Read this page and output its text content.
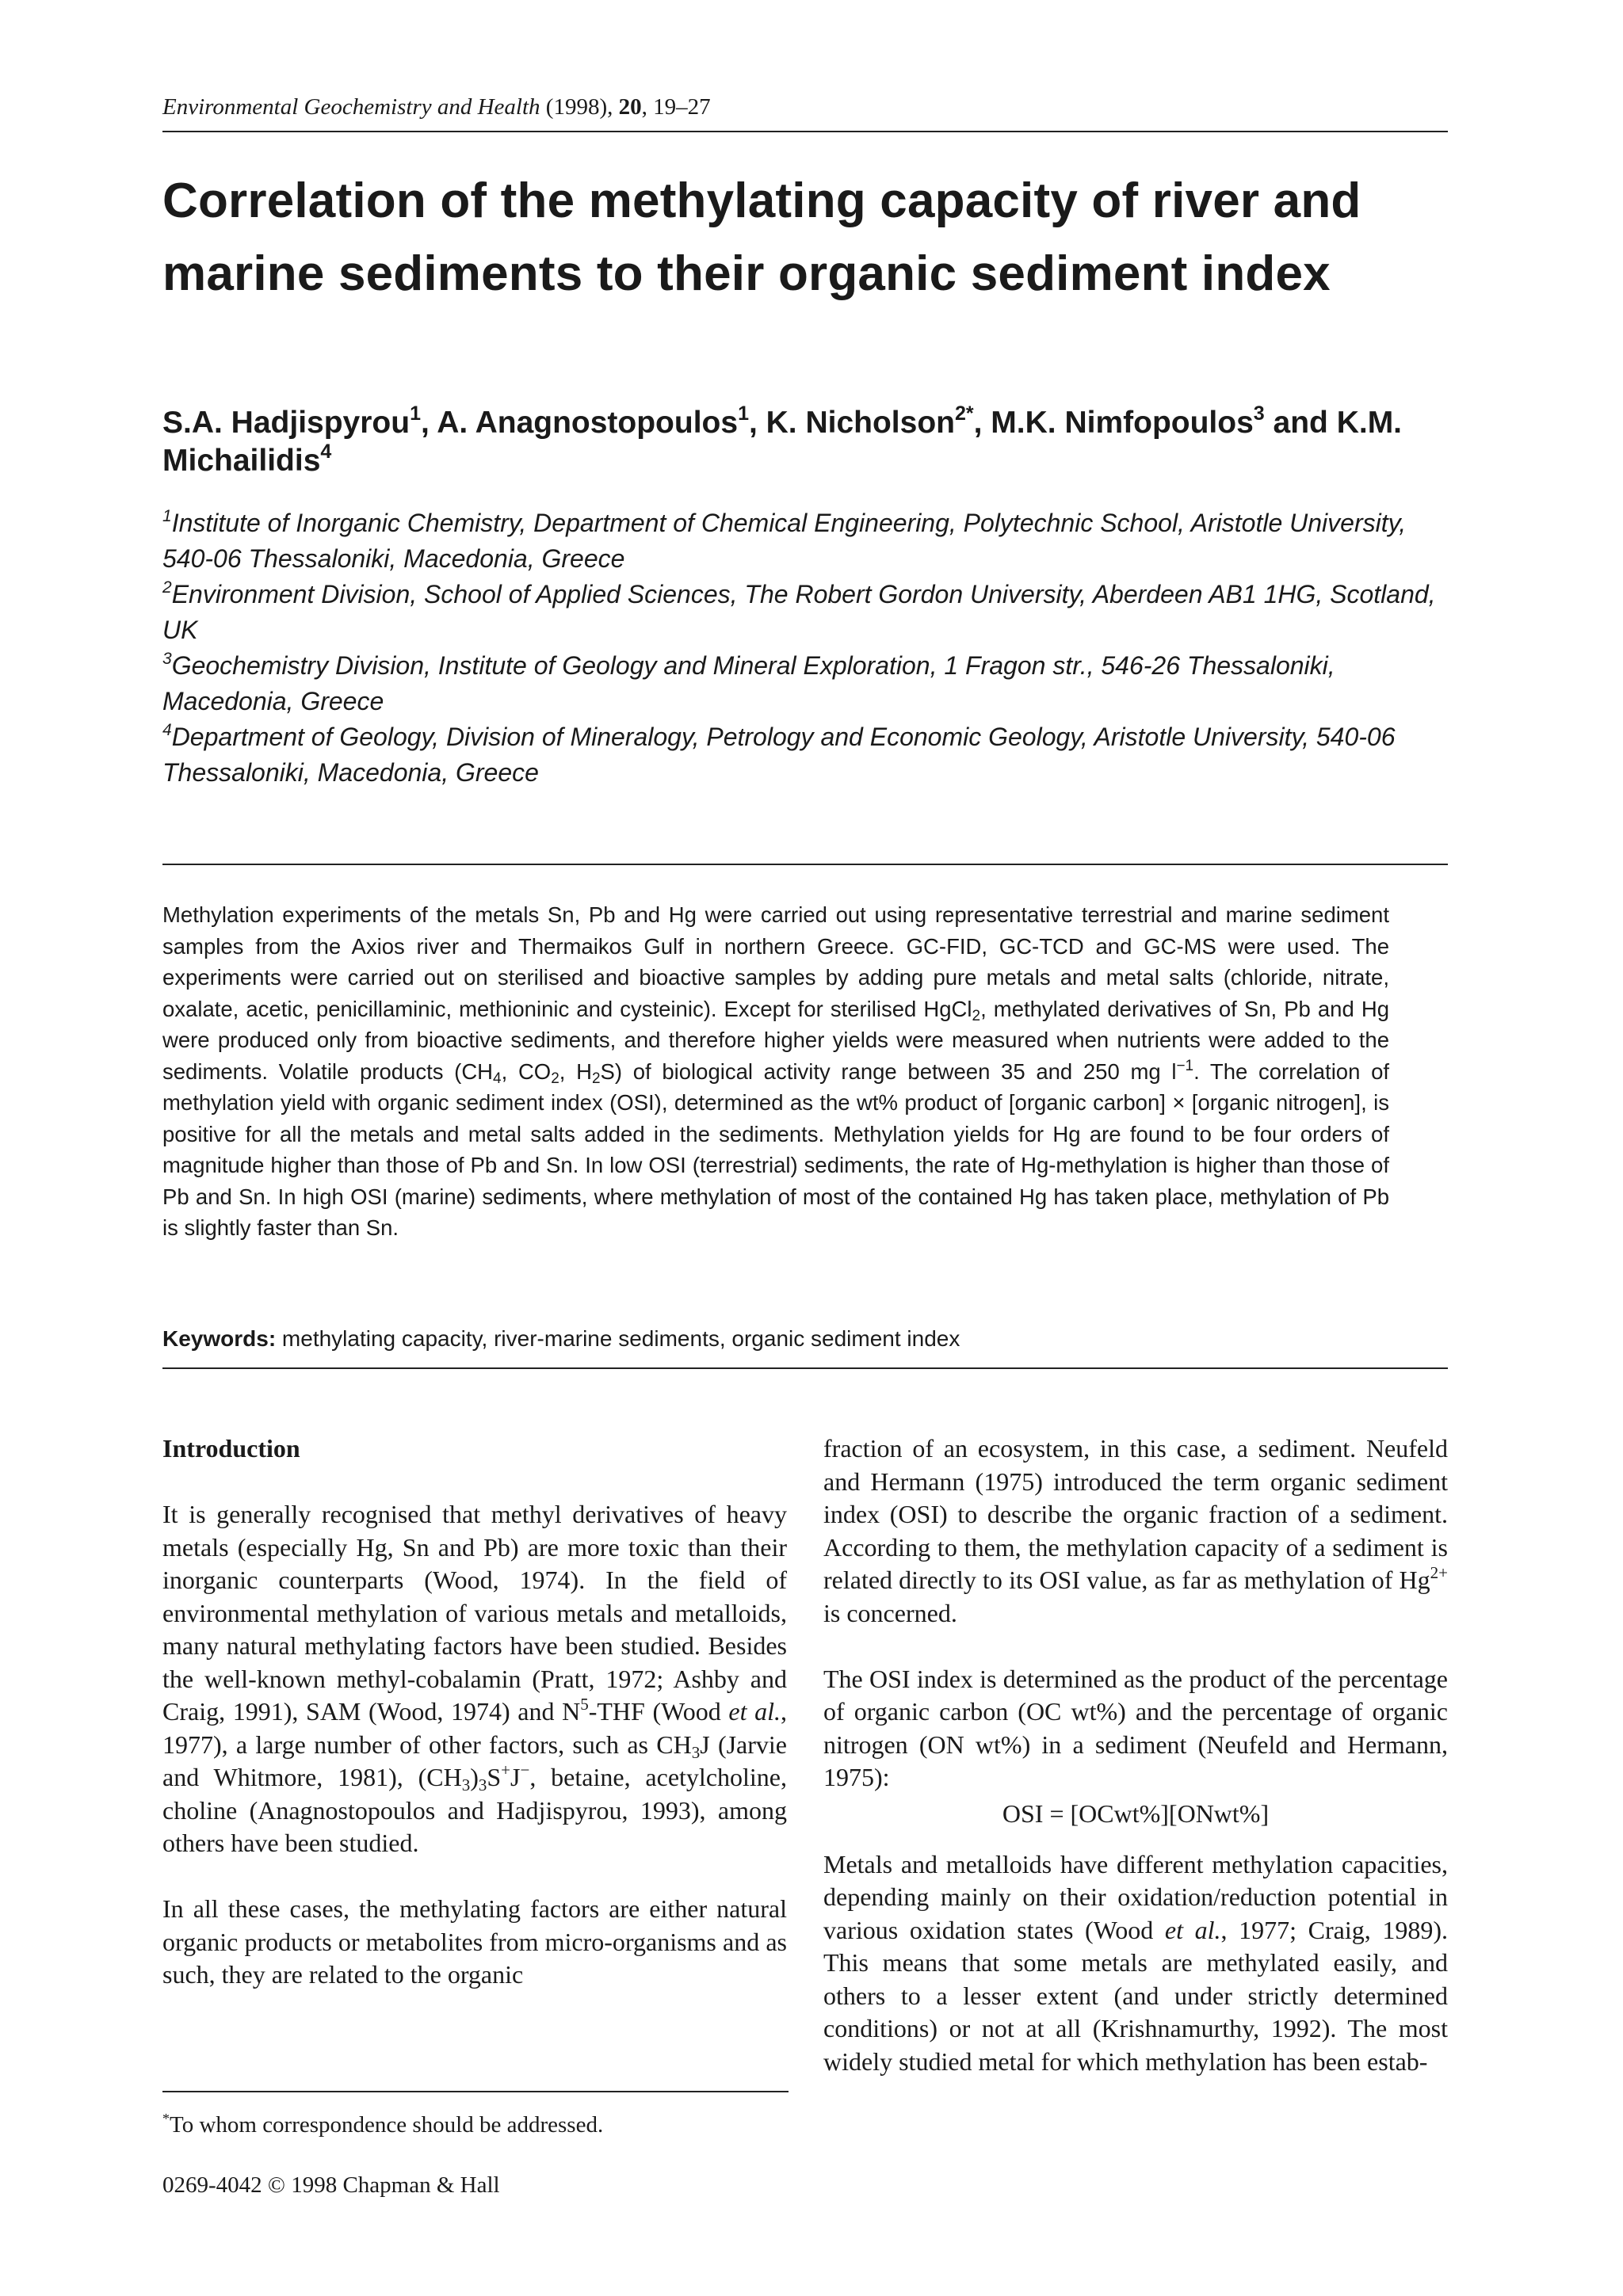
Environmental Geochemistry and Health (1998), 20, 19–27
Correlation of the methylating capacity of river and marine sediments to their organic sediment index
S.A. Hadjispyrou$^1$, A. Anagnostopoulos$^1$, K. Nicholson$^{2*}$, M.K. Nimfopoulos$^3$ and K.M. Michailidis$^4$

$^1$Institute of Inorganic Chemistry, Department of Chemical Engineering, Polytechnic School, Aristotle University, 540-06 Thessaloniki, Macedonia, Greece

$^2$Environment Division, School of Applied Sciences, The Robert Gordon University, Aberdeen AB1 1HG, Scotland, UK

$^3$Geochemistry Division, Institute of Geology and Mineral Exploration, 1 Fragon str., 546-26 Thessaloniki, Macedonia, Greece

$^4$Department of Geology, Division of Mineralogy, Petrology and Economic Geology, Aristotle University, 540-06 Thessaloniki, Macedonia, Greece

Methylation experiments of the metals Sn, Pb and Hg were carried out using representative terrestrial and marine sediment samples from the Axios river and Thermaikos Gulf in northern Greece. GC-FID, GC-TCD and GC-MS were used. The experiments were carried out on sterilised and bioactive samples by adding pure metals and metal salts (chloride, nitrate, oxalate, acetic, penicillaminic, methioninic and cysteinic). Except for sterilised HgCl$_2$, methylated derivatives of Sn, Pb and Hg were produced only from bioactive sediments, and therefore higher yields were measured when nutrients were added to the sediments. Volatile products ($CH_4$, $CO_2$, $H_2S$) of biological activity range between 35 and 250 mg $l^{-1}$. The correlation of methylation yield with organic sediment index (OSI), determined as the wt% product of [organic carbon] × [organic nitrogen], is positive for all the metals and metal salts added in the sediments. Methylation yields for Hg are found to be four orders of magnitude higher than those of Pb and Sn. In low OSI (terrestrial) sediments, the rate of Hg-methylation is higher than those of Pb and Sn. In high OSI (marine) sediments, where methylation of most of the contained Hg has taken place, methylation of Pb is slightly faster than Sn.

Keywords: methylating capacity, river-marine sediments, organic sediment index
Introduction

It is generally recognised that methyl derivatives of heavy metals (especially Hg, Sn and Pb) are more toxic than their inorganic counterparts (Wood, 1974). In the field of environmental methylation of various metals and metalloids, many natural methylating factors have been studied. Besides the well-known methyl-cobalamin (Pratt, 1972; Ashby and Craig, 1991), SAM (Wood, 1974) and $N^5$-THF (Wood et al., 1977), a large number of other factors, such as $CH_3J$ (Jarvie and Whitmore, 1981), $(CH_3)_3S^+J^-$, betaine, acetylcholine, choline (Anagnostopoulos and Hadjispyrou, 1993), among others have been studied.

In all these cases, the methylating factors are either natural organic products or metabolites from micro-organisms and as such, they are related to the organic

fraction of an ecosystem, in this case, a sediment. Neufeld and Hermann (1975) introduced the term organic sediment index (OSI) to describe the organic fraction of a sediment. According to them, the methylation capacity of a sediment is related directly to its OSI value, as far as methylation of $Hg^{2+}$ is concerned.

The OSI index is determined as the product of the percentage of organic carbon (OC wt%) and the percentage of organic nitrogen (ON wt%) in a sediment (Neufeld and Hermann, 1975):

OSI = [OCwt%][ONwt%]

Metals and metalloids have different methylation capacities, depending mainly on their oxidation/reduction potential in various oxidation states (Wood et al., 1977; Craig, 1989). This means that some metals are methylated easily, and others to a lesser extent (and under strictly determined conditions) or not at all (Krishnamurthy, 1992). The most widely studied metal for which methylation has been estab-

*To whom correspondence should be addressed.
0269-4042 © 1998 Chapman & Hall
